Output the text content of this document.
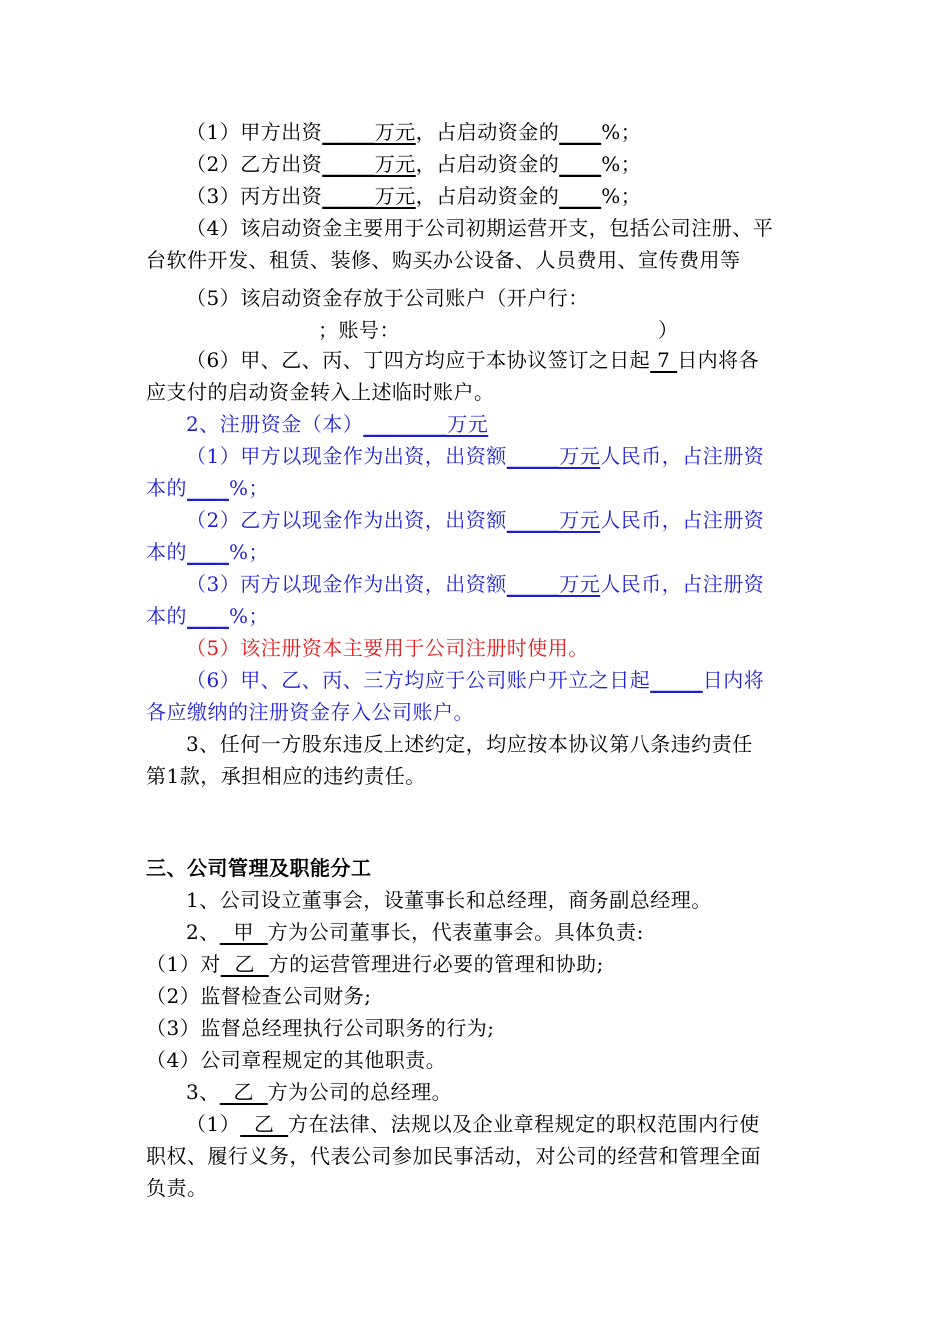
（1）甲方出资_____万元，占启动资金的____%；
（2）乙方出资_____万元，占启动资金的____%；
（3）丙方出资_____万元，占启动资金的____%；
（4）该启动资金主要用于公司初期运营开支，包括公司注册、平
台软件开发、租赁、装修、购买办公设备、人员费用、宣传费用等
（5）该启动资金存放于公司账户（开户行：
；账号：	）
（6）甲、乙、丙、丁四方均应于本协议签订之日起 7 日内将各
应支付的启动资金转入上述临时账户。
2、注册资金（本）________万元
（1）甲方以现金作为出资，出资额_____万元人民币，占注册资
本的____%；
（2）乙方以现金作为出资，出资额_____万元人民币，占注册资
本的____%；
（3）丙方以现金作为出资，出资额_____万元人民币，占注册资
本的____%；
（5）该注册资本主要用于公司注册时使用。
（6）甲、乙、丙、三方均应于公司账户开立之日起_____日内将
各应缴纳的注册资金存入公司账户。
3、任何一方股东违反上述约定，均应按本协议第八条违约责任
第1款，承担相应的违约责任。
三、公司管理及职能分工
1、公司设立董事会，设董事长和总经理，商务副总经理。
2、  甲  方为公司董事长，代表董事会。具体负责:
（1）对  乙  方的运营管理进行必要的管理和协助;
（2）监督检查公司财务;
（3）监督总经理执行公司职务的行为;
（4）公司章程规定的其他职责。
3、  乙  方为公司的总经理。
（1）  乙  方在法律、法规以及企业章程规定的职权范围内行使
职权、履行义务，代表公司参加民事活动，对公司的经营和管理全面
负责。
